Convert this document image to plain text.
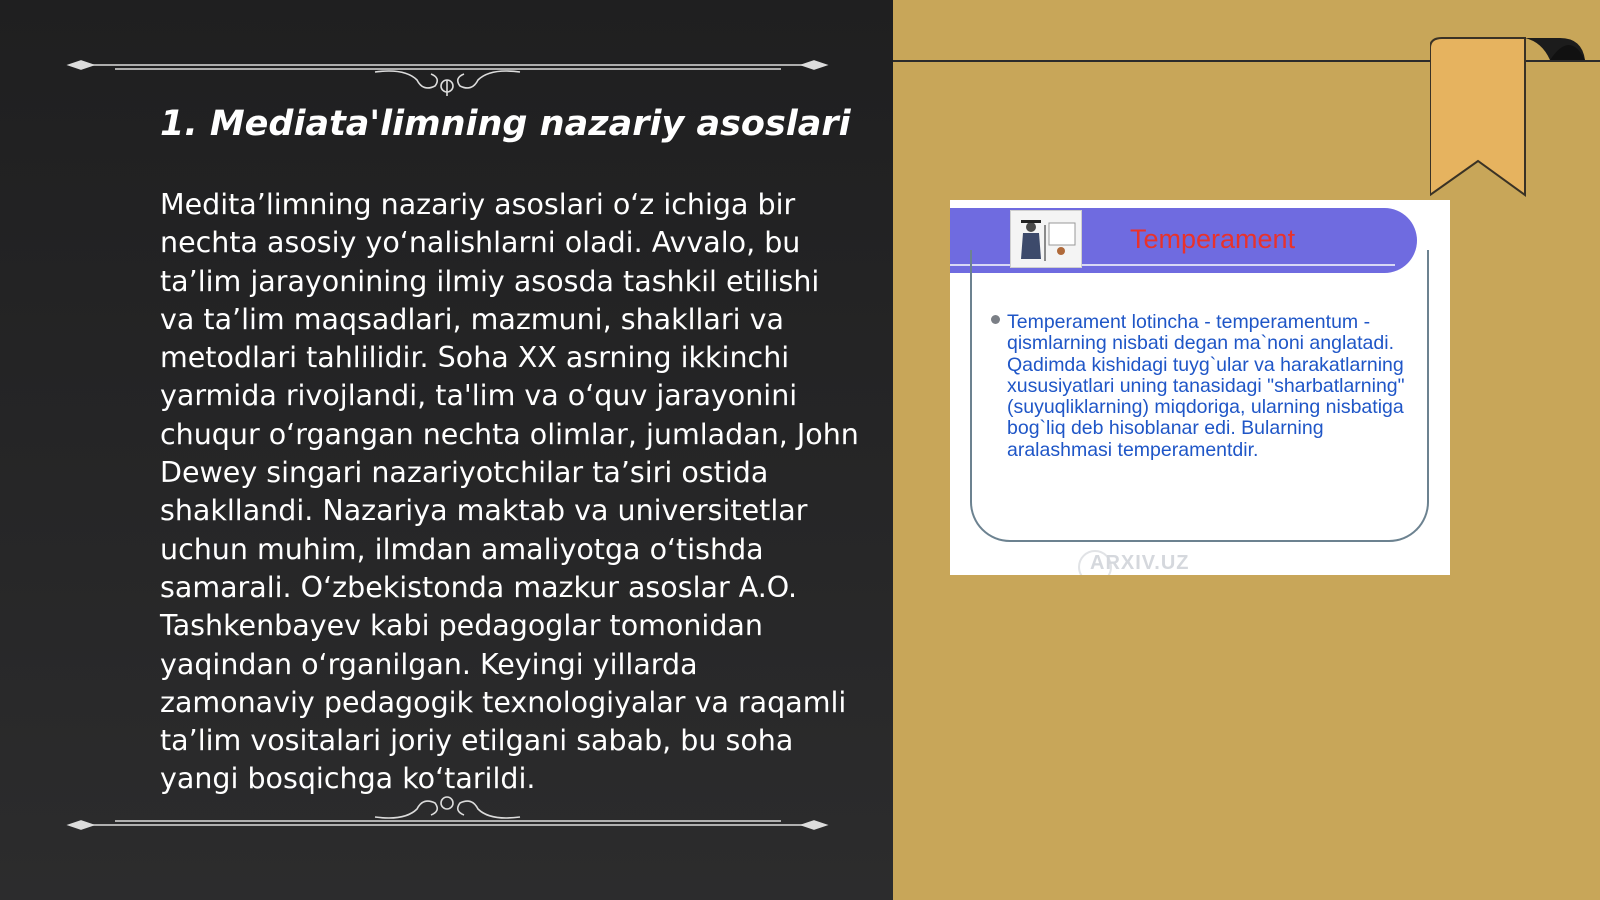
1. Mediata'limning nazariy asoslari

Medita’limning nazariy asoslari o‘z ichiga bir nechta asosiy yo‘nalishlarni oladi. Avvalo, bu ta’lim jarayonining ilmiy asosda tashkil etilishi va ta’lim maqsadlari, mazmuni, shakllari va metodlari tahlilidir. Soha XX asrning ikkinchi yarmida rivojlandi, ta'lim va o‘quv jarayonini chuqur o‘rgangan nechta olimlar, jumladan, John Dewey singari nazariyotchilar ta’siri ostida shakllandi. Nazariya maktab va universitetlar uchun muhim, ilmdan amaliyotga o‘tishda samarali. O‘zbekistonda mazkur asoslar A.O. Tashkenbayev kabi pedagoglar tomonidan yaqindan o‘rganilgan. Keyingi yillarda zamonaviy pedagogik texnologiyalar va raqamli ta’lim vositalari joriy etilgani sabab, bu soha yangi bosqichga ko‘tarildi.

Temperament

Temperament lotincha - temperamentum - qismlarning nisbati degan ma`noni anglatadi. Qadimda kishidagi tuyg`ular va harakatlarning xususiyatlari uning tanasidagi "sharbatlarning"(suyuqliklarning) miqdoriga, ularning nisbatiga bog`liq deb hisoblanar edi. Bularning aralashmasi temperamentdir.

ARXIV.UZ
